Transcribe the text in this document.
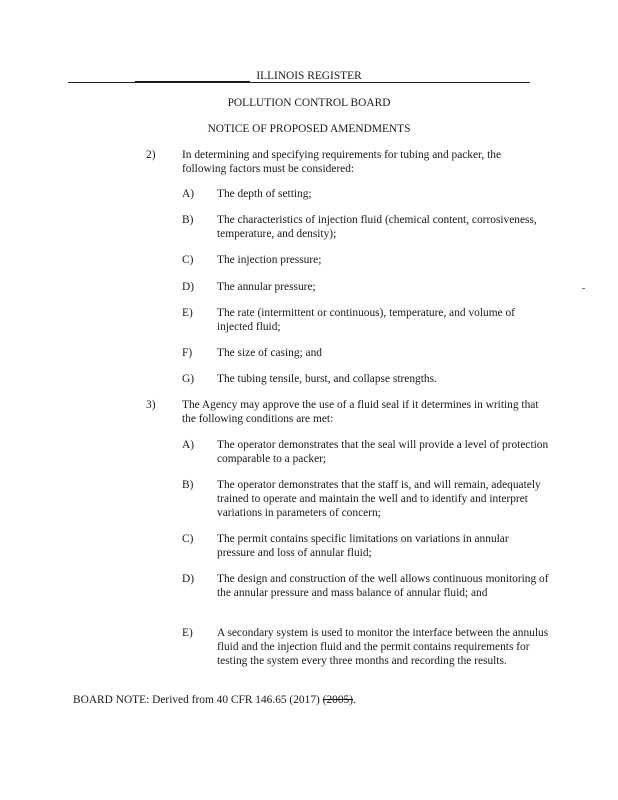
ILLINOIS REGISTER
POLLUTION CONTROL BOARD
NOTICE OF PROPOSED AMENDMENTS
2) In determining and specifying requirements for tubing and packer, the following factors must be considered:
A) The depth of setting;
B) The characteristics of injection fluid (chemical content, corrosiveness, temperature, and density);
C) The injection pressure;
D) The annular pressure;
E) The rate (intermittent or continuous), temperature, and volume of injected fluid;
F) The size of casing; and
G) The tubing tensile, burst, and collapse strengths.
3) The Agency may approve the use of a fluid seal if it determines in writing that the following conditions are met:
A) The operator demonstrates that the seal will provide a level of protection comparable to a packer;
B) The operator demonstrates that the staff is, and will remain, adequately trained to operate and maintain the well and to identify and interpret variations in parameters of concern;
C) The permit contains specific limitations on variations in annular pressure and loss of annular fluid;
D) The design and construction of the well allows continuous monitoring of the annular pressure and mass balance of annular fluid; and
E) A secondary system is used to monitor the interface between the annulus fluid and the injection fluid and the permit contains requirements for testing the system every three months and recording the results.
BOARD NOTE: Derived from 40 CFR 146.65 (2017) (2005).
